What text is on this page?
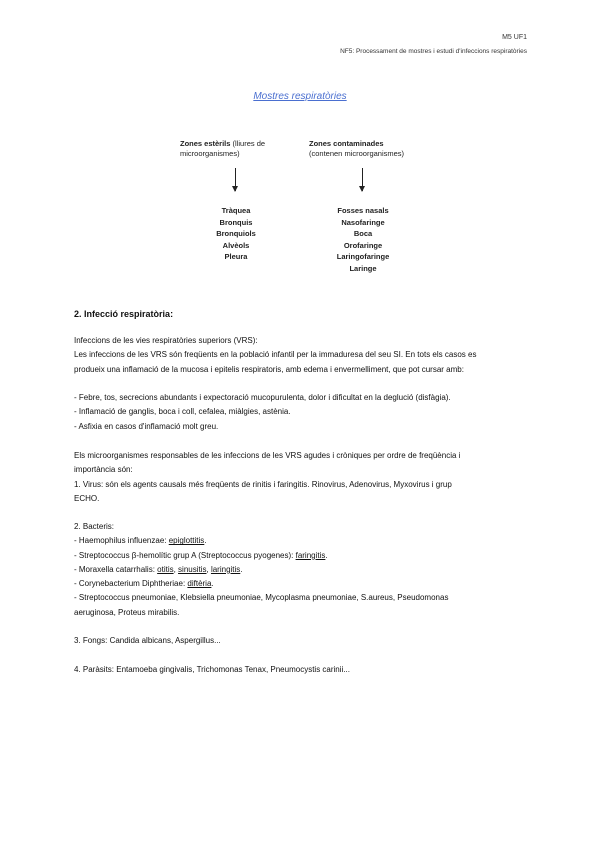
M5 UF1
NF5: Processament de mostres i estudi d'infeccions respiratòries
Mostres respiratòries
Zones estèrils (lliures de
microorganismes)
Zones contaminades
(contenen microorganismes)
Tràquea
Bronquis
Bronquiols
Alvèols
Pleura
Fosses nasals
Nasofaringe
Boca
Orofaringe
Laringofaringe
Laringe
2. Infecció respiratòria:

Infeccions de les vies respiratòries superiors (VRS):

Les infeccions de les VRS són freqüents en la població infantil per la immaduresa del seu SI. En tots els casos es

produeix una inflamació de la mucosa i epitelis respiratoris, amb edema i envermelliment, que pot cursar amb:

- Febre, tos, secrecions abundants i expectoració mucopurulenta, dolor i dificultat en la deglució (disfàgia).

- Inflamació de ganglis, boca i coll, cefalea, miàlgies, astènia.

- Asfixia en casos d'inflamació molt greu.

Els microorganismes responsables de les infeccions de les VRS agudes i cròniques per ordre de freqüència i

importància són:

1. Virus: són els agents causals més freqüents de rinitis i faringitis. Rinovirus, Adenovirus, Myxovirus i grup

ECHO.

2. Bacteris:

- Haemophilus influenzae: epiglottitis.

- Streptococcus β-hemolític grup A (Streptococcus pyogenes): faringitis.

- Moraxella catarrhalis: otitis, sinusitis, laringitis.

- Corynebacterium Diphtheriae: diftèria.

- Streptococcus pneumoniae, Klebsiella pneumoniae, Mycoplasma pneumoniae, S.aureus, Pseudomonas

aeruginosa, Proteus mirabilis.

3. Fongs: Candida albicans, Aspergillus...
4. Paràsits: Entamoeba gingivalis, Trichomonas Tenax, Pneumocystis carinii...
